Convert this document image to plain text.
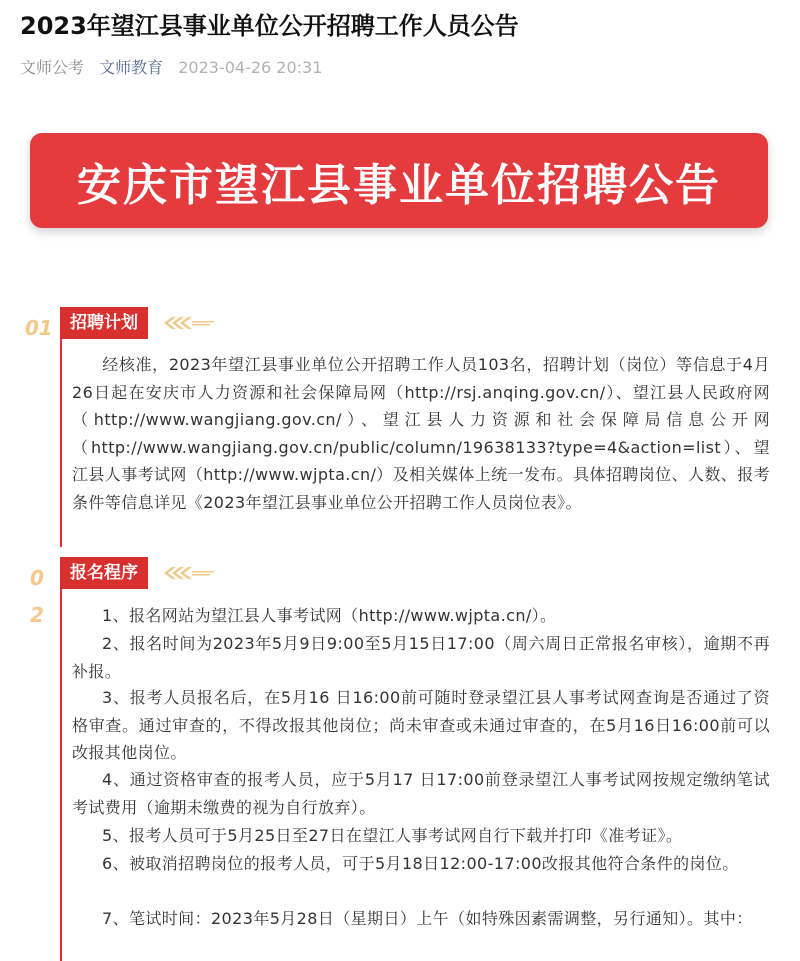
2023年望江县事业单位公开招聘工作人员公告
文师公考 文师教育 2023-04-26 20:31
安庆市望江县事业单位招聘公告
01	招聘计划

经核准，2023年望江县事业单位公开招聘工作人员103名，招聘计划（岗位）等信息于4月26日起在安庆市人力资源和社会保障局网（http://rsj.anqing.gov.cn/）、望江县人民政府网（http://www.wangjiang.gov.cn/）、望江县人力资源和社会保障局信息公开网（http://www.wangjiang.gov.cn/public/column/19638133?type=4&action=list）、望江县人事考试网（http://www.wjpta.cn/）及相关媒体上统一发布。具体招聘岗位、人数、报考条件等信息详见《2023年望江县事业单位公开招聘工作人员岗位表》。

0
2
报名程序

1、报名网站为望江县人事考试网（http://www.wjpta.cn/）。

2、报名时间为2023年5月9日9:00至5月15日17:00（周六周日正常报名审核），逾期不再补报。

3、报考人员报名后，在5月16 日16:00前可随时登录望江县人事考试网查询是否通过了资格审查。通过审查的，不得改报其他岗位；尚未审查或未通过审查的，在5月16日16:00前可以改报其他岗位。

4、通过资格审查的报考人员，应于5月17 日17:00前登录望江人事考试网按规定缴纳笔试考试费用（逾期未缴费的视为自行放弃）。

5、报考人员可于5月25日至27日在望江人事考试网自行下载并打印《准考证》。

6、被取消招聘岗位的报考人员，可于5月18日12:00-17:00改报其他符合条件的岗位。

7、笔试时间：2023年5月28日（星期日）上午（如特殊因素需调整，另行通知）。其中：
